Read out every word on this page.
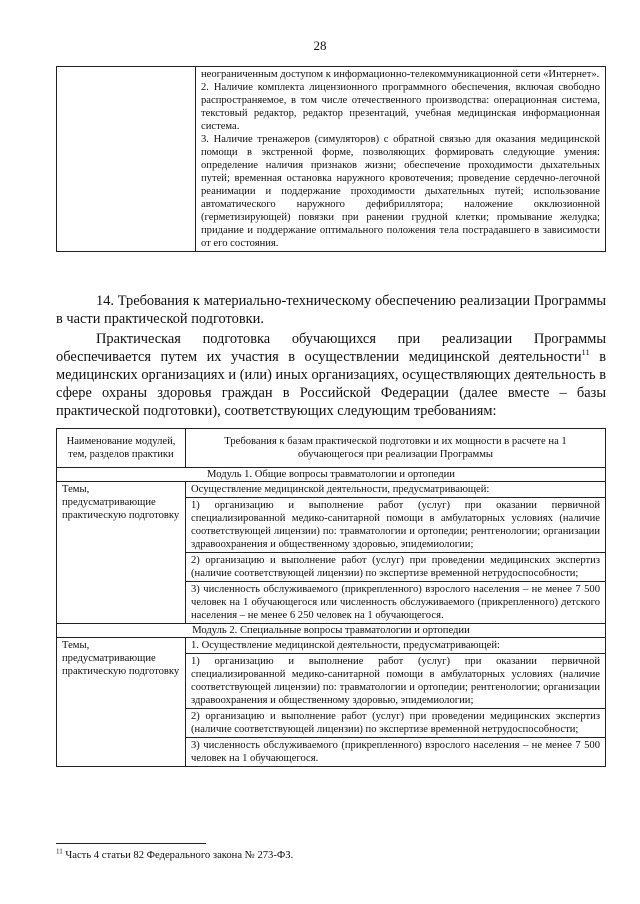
28

неограниченным доступом к информационно-телекоммуникационной сети «Интернет».

2. Наличие комплекта лицензионного программного обеспечения, включая свободно распространяемое, в том числе отечественного производства: операционная система, текстовый редактор, редактор презентаций, учебная медицинская информационная система.

3. Наличие тренажеров (симуляторов) с обратной связью для оказания медицинской помощи в экстренной форме, позволяющих формировать следующие умения: определение наличия признаков жизни; обеспечение проходимости дыхательных путей; временная остановка наружного кровотечения; проведение сердечно-легочной реанимации и поддержание проходимости дыхательных путей; использование автоматического наружного дефибриллятора; наложение окклюзионной (герметизирующей) повязки при ранении грудной клетки; промывание желудка; придание и поддержание оптимального положения тела пострадавшего в зависимости от его состояния.

14. Требования к материально-техническому обеспечению реализации Программы в части практической подготовки.

Практическая подготовка обучающихся при реализации Программы обеспечивается путем их участия в осуществлении медицинской деятельности$^{11}$ в медицинских организациях и (или) иных организациях, осуществляющих деятельность в сфере охраны здоровья граждан в Российской Федерации (далее вместе – базы практической подготовки), соответствующих следующим требованиям:

Наименование модулей, тем, разделов практики	Требования к базам практической подготовки и их мощности в расчете на 1 обучающегося при реализации Программы
Модуль 1. Общие вопросы травматологии и ортопедии	
Темы, предусматривающие практическую подготовку	Осуществление медицинской деятельности, предусматривающей:
1) организацию и выполнение работ (услуг) при оказании первичной специализированной медико-санитарной помощи в амбулаторных условиях (наличие соответствующей лицензии) по: травматологии и ортопедии; рентгенологии; организации здравоохранения и общественному здоровью, эпидемиологии;
2) организацию и выполнение работ (услуг) при проведении медицинских экспертиз (наличие соответствующей лицензии) по экспертизе временной нетрудоспособности;
3) численность обслуживаемого (прикрепленного) взрослого населения – не менее 7 500 человек на 1 обучающегося или численность обслуживаемого (прикрепленного) детского населения – не менее 6 250 человек на 1 обучающегося.

Модуль 2. Специальные вопросы травматологии и ортопедии	
Темы, предусматривающие практическую подготовку	1. Осуществление медицинской деятельности, предусматривающей:
1) организацию и выполнение работ (услуг) при оказании первичной специализированной медико-санитарной помощи в амбулаторных условиях (наличие соответствующей лицензии) по: травматологии и ортопедии; рентгенологии; организации здравоохранения и общественному здоровью, эпидемиологии;
2) организацию и выполнение работ (услуг) при проведении медицинских экспертиз (наличие соответствующей лицензии) по экспертизе временной нетрудоспособности;
3) численность обслуживаемого (прикрепленного) взрослого населения – не менее 7 500 человек на 1 обучающегося.
$^{11}$ Часть 4 статьи 82 Федерального закона № 273-ФЗ.
